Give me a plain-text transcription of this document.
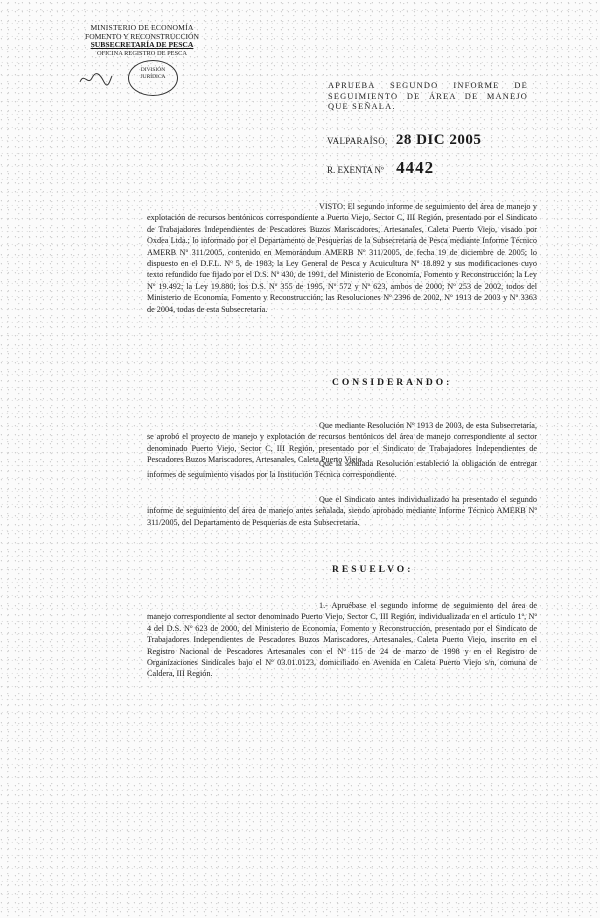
MINISTERIO DE ECONOMÍA
FOMENTO Y RECONSTRUCCIÓN
SUBSECRETARÍA DE PESCA
OFICINA REGISTRO DE PESCA
DIVISIÓN
JURÍDICA
APRUEBA SEGUNDO INFORME DE SEGUIMIENTO DE ÁREA DE MANEJO QUE SEÑALA.
VALPARAÍSO, 28 DIC 2005
R. EXENTA Nº 4442
VISTO: El segundo informe de seguimiento del área de manejo y explotación de recursos bentónicos correspondiente a Puerto Viejo, Sector C, III Región, presentado por el Sindicato de Trabajadores Independientes de Pescadores Buzos Mariscadores, Artesanales, Caleta Puerto Viejo, visado por Oxdea Ltda.; lo informado por el Departamento de Pesquerías de la Subsecretaría de Pesca mediante Informe Técnico AMERB Nº 311/2005, contenido en Memorándum AMERB Nº 311/2005, de fecha 19 de diciembre de 2005; lo dispuesto en el D.F.L. Nº 5, de 1983; la Ley General de Pesca y Acuicultura Nº 18.892 y sus modificaciones cuyo texto refundido fue fijado por el D.S. Nº 430, de 1991, del Ministerio de Economía, Fomento y Reconstrucción; la Ley Nº 19.492; la Ley 19.880; los D.S. Nº 355 de 1995, Nº 572 y Nº 623, ambos de 2000; Nº 253 de 2002, todos del Ministerio de Economía, Fomento y Reconstrucción; las Resoluciones Nº 2396 de 2002, Nº 1913 de 2003 y Nº 3363 de 2004, todas de esta Subsecretaría.
CONSIDERANDO:
Que mediante Resolución Nº 1913 de 2003, de esta Subsecretaría, se aprobó el proyecto de manejo y explotación de recursos bentónicos del área de manejo correspondiente al sector denominado Puerto Viejo, Sector C, III Región, presentado por el Sindicato de Trabajadores Independientes de Pescadores Buzos Mariscadores, Artesanales, Caleta Puerto Viejo.
Que la señalada Resolución estableció la obligación de entregar informes de seguimiento visados por la Institución Técnica correspondiente.
Que el Sindicato antes individualizado ha presentado el segundo informe de seguimiento del área de manejo antes señalada, siendo aprobado mediante Informe Técnico AMERB Nº 311/2005, del Departamento de Pesquerías de esta Subsecretaría.
RESUELVO:
1.- Apruébase el segundo informe de seguimiento del área de manejo correspondiente al sector denominado Puerto Viejo, Sector C, III Región, individualizada en el artículo 1º, Nº 4 del D.S. Nº 623 de 2000, del Ministerio de Economía, Fomento y Reconstrucción, presentado por el Sindicato de Trabajadores Independientes de Pescadores Buzos Mariscadores, Artesanales, Caleta Puerto Viejo, inscrito en el Registro Nacional de Pescadores Artesanales con el Nº 115 de 24 de marzo de 1998 y en el Registro de Organizaciones Sindicales bajo el Nº 03.01.0123, domiciliado en Avenida en Caleta Puerto Viejo s/n, comuna de Caldera, III Región.
